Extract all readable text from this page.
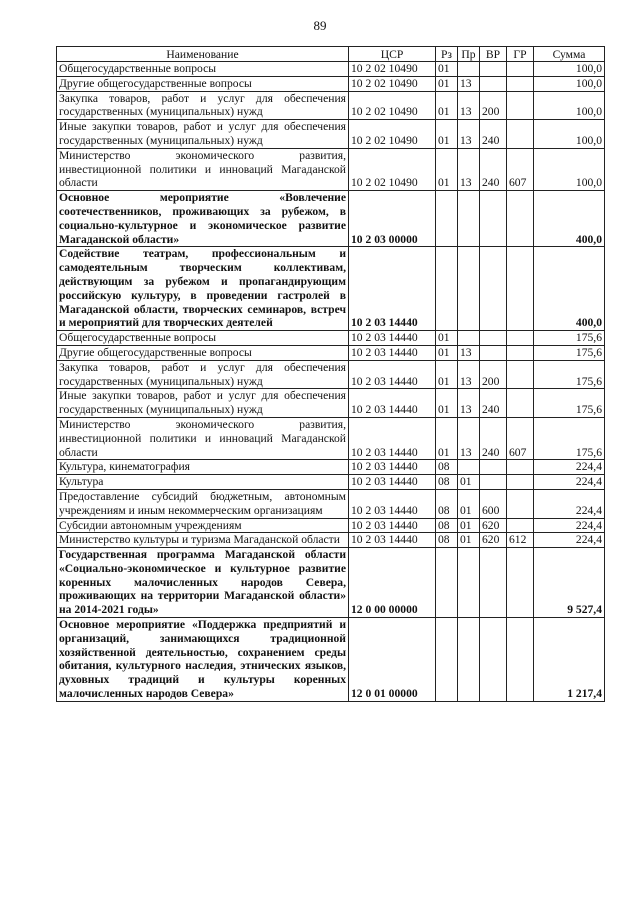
89
Наименование	ЦСР	Рз	Пр	ВР	ГР	Сумма
Общегосударственные вопросы	10 2 02 10490	01				100,0
Другие общегосударственные вопросы	10 2 02 10490	01	13			100,0
Закупка товаров, работ и услуг для обеспечения государственных (муниципальных) нужд	10 2 02 10490	01	13	200		100,0
Иные закупки товаров, работ и услуг для обеспечения государственных (муниципальных) нужд	10 2 02 10490	01	13	240		100,0
Министерство экономического развития, инвестиционной политики и инноваций Магаданской области	10 2 02 10490	01	13	240	607	100,0
Основное мероприятие «Вовлечение соотечественников, проживающих за рубежом, в социально-культурное и экономическое развитие Магаданской области»	10 2 03 00000					400,0
Содействие театрам, профессиональным и самодеятельным творческим коллективам, действующим за рубежом и пропагандирующим российскую культуру, в проведении гастролей в Магаданской области, творческих семинаров, встреч и мероприятий для творческих деятелей	10 2 03 14440					400,0
Общегосударственные вопросы	10 2 03 14440	01				175,6
Другие общегосударственные вопросы	10 2 03 14440	01	13			175,6
Закупка товаров, работ и услуг для обеспечения государственных (муниципальных) нужд	10 2 03 14440	01	13	200		175,6
Иные закупки товаров, работ и услуг для обеспечения государственных (муниципальных) нужд	10 2 03 14440	01	13	240		175,6
Министерство экономического развития, инвестиционной политики и инноваций Магаданской области	10 2 03 14440	01	13	240	607	175,6
Культура, кинематография	10 2 03 14440	08				224,4
Культура	10 2 03 14440	08	01			224,4
Предоставление субсидий бюджетным, автономным учреждениям и иным некоммерческим организациям	10 2 03 14440	08	01	600		224,4
Субсидии автономным учреждениям	10 2 03 14440	08	01	620		224,4
Министерство культуры и туризма Магаданской области	10 2 03 14440	08	01	620	612	224,4
Государственная программа Магаданской области «Социально-экономическое и культурное развитие коренных малочисленных народов Севера, проживающих на территории Магаданской области» на 2014-2021 годы»	12 0 00 00000					9 527,4
Основное мероприятие «Поддержка предприятий и организаций, занимающихся традиционной хозяйственной деятельностью, сохранением среды обитания, культурного наследия, этнических языков, духовных традиций и культуры коренных малочисленных народов Севера»	12 0 01 00000					1 217,4
